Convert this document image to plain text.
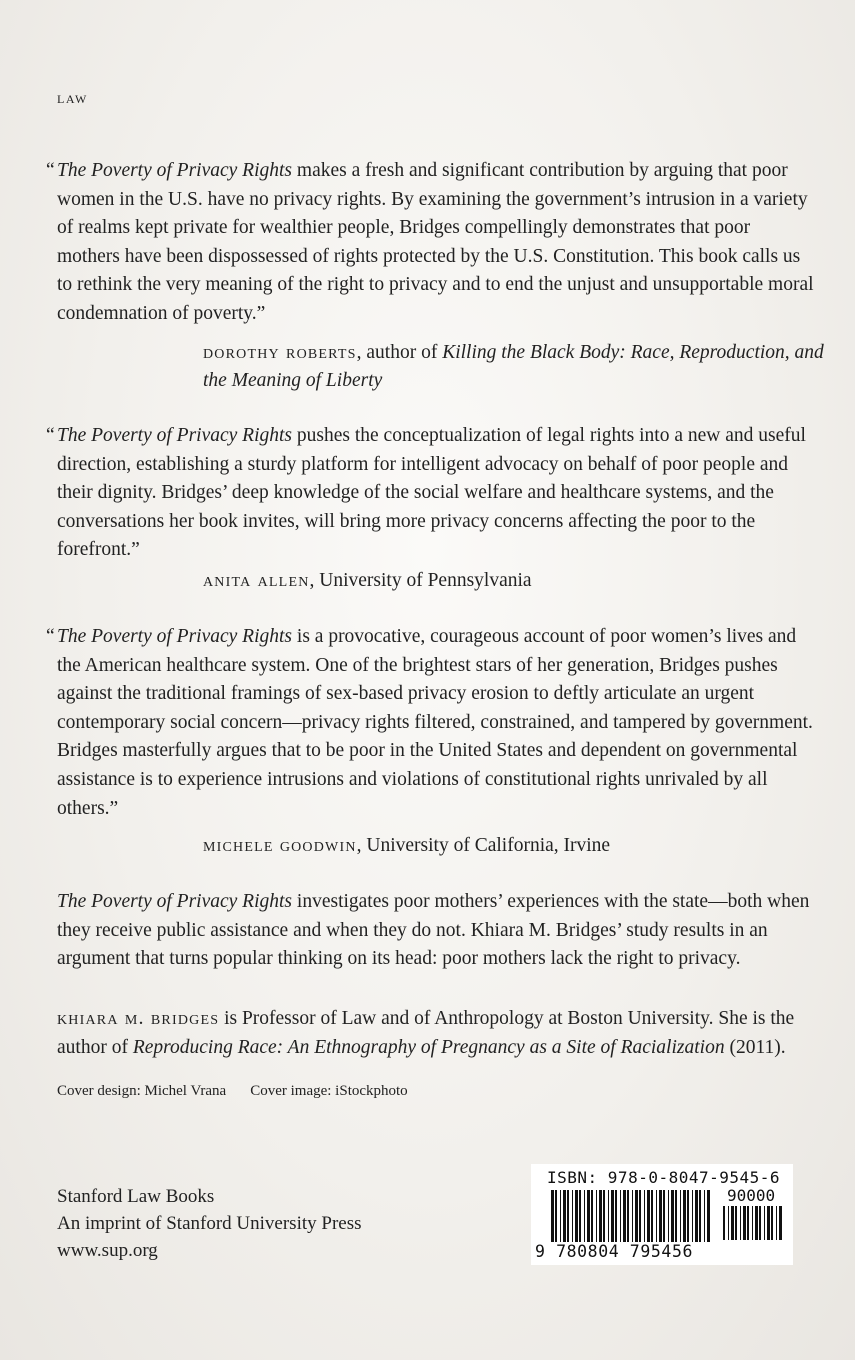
LAW
“ The Poverty of Privacy Rights makes a fresh and significant contribution by arguing that poor women in the U.S. have no privacy rights. By examining the government’s intrusion in a variety of realms kept private for wealthier people, Bridges compellingly demonstrates that poor mothers have been dispossessed of rights protected by the U.S. Constitution. This book calls us to rethink the very meaning of the right to privacy and to end the unjust and unsupportable moral condemnation of poverty.”
dorothy roberts, author of Killing the Black Body: Race, Reproduction, and the Meaning of Liberty
“ The Poverty of Privacy Rights pushes the conceptualization of legal rights into a new and useful direction, establishing a sturdy platform for intelligent advocacy on behalf of poor people and their dignity. Bridges’ deep knowledge of the social welfare and healthcare systems, and the conversations her book invites, will bring more privacy concerns affecting the poor to the forefront.”
anita allen, University of Pennsylvania
“ The Poverty of Privacy Rights is a provocative, courageous account of poor women’s lives and the American healthcare system. One of the brightest stars of her generation, Bridges pushes against the traditional framings of sex-based privacy erosion to deftly articulate an urgent contemporary social concern—privacy rights filtered, constrained, and tampered by government. Bridges masterfully argues that to be poor in the United States and dependent on governmental assistance is to experience intrusions and violations of constitutional rights unrivaled by all others.”
michele goodwin, University of California, Irvine
The Poverty of Privacy Rights investigates poor mothers’ experiences with the state—both when they receive public assistance and when they do not. Khiara M. Bridges’ study results in an argument that turns popular thinking on its head: poor mothers lack the right to privacy.
khiara m. bridges is Professor of Law and of Anthropology at Boston University. She is the author of Reproducing Race: An Ethnography of Pregnancy as a Site of Racialization (2011).
Cover design: Michel Vrana Cover image: iStockphoto
Stanford Law Books
An imprint of Stanford University Press
www.sup.org
ISBN: 978-0-8047-9545-6
90000
9 780804 795456
